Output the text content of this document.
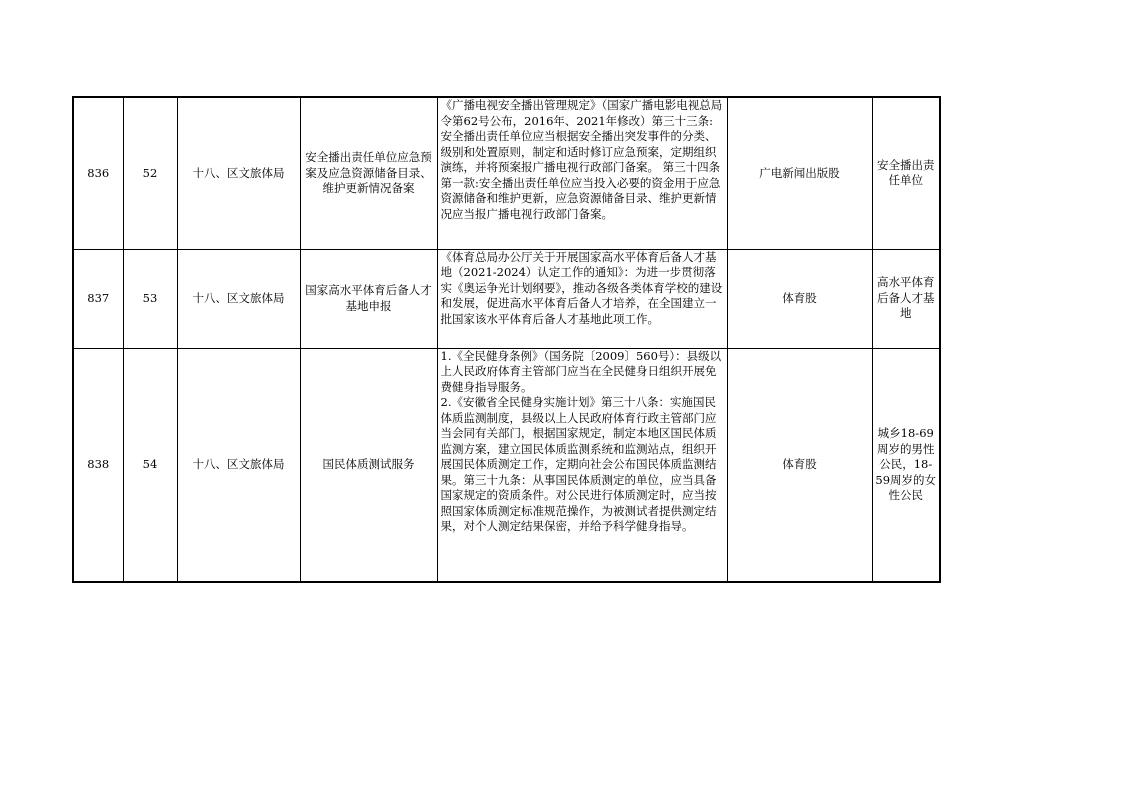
836	52	十八、区文旅体局	安全播出责任单位应急预案及应急资源储备目录、维护更新情况备案	《广播电视安全播出管理规定》（国家广播电影电视总局令第62号公布，2016年、2021年修改）第三十三条:安全播出责任单位应当根据安全播出突发事件的分类、级别和处置原则，制定和适时修订应急预案，定期组织演练，并将预案报广播电视行政部门备案。 第三十四条第一款:安全播出责任单位应当投入必要的资金用于应急资源储备和维护更新，应急资源储备目录、维护更新情况应当报广播电视行政部门备案。	广电新闻出版股	安全播出责任单位
837	53	十八、区文旅体局	国家高水平体育后备人才基地申报	《体育总局办公厅关于开展国家高水平体育后备人才基地（2021-2024）认定工作的通知》：为进一步贯彻落实《奥运争光计划纲要》，推动各级各类体育学校的建设和发展，促进高水平体育后备人才培养，在全国建立一批国家该水平体育后备人才基地此项工作。	体育股	高水平体育后备人才基地
838	54	十八、区文旅体局	国民体质测试服务	1.《全民健身条例》（国务院〔2009〕560号）：县级以上人民政府体育主管部门应当在全民健身日组织开展免费健身指导服务。
2.《安徽省全民健身实施计划》第三十八条：实施国民体质监测制度，县级以上人民政府体育行政主管部门应当会同有关部门，根据国家规定，制定本地区国民体质监测方案，建立国民体质监测系统和监测站点，组织开展国民体质测定工作，定期向社会公布国民体质监测结果。第三十九条：从事国民体质测定的单位，应当具备国家规定的资质条件。对公民进行体质测定时，应当按照国家体质测定标准规范操作，为被测试者提供测定结果，对个人测定结果保密，并给予科学健身指导。	体育股	城乡18-69周岁的男性公民，18-59周岁的女性公民
